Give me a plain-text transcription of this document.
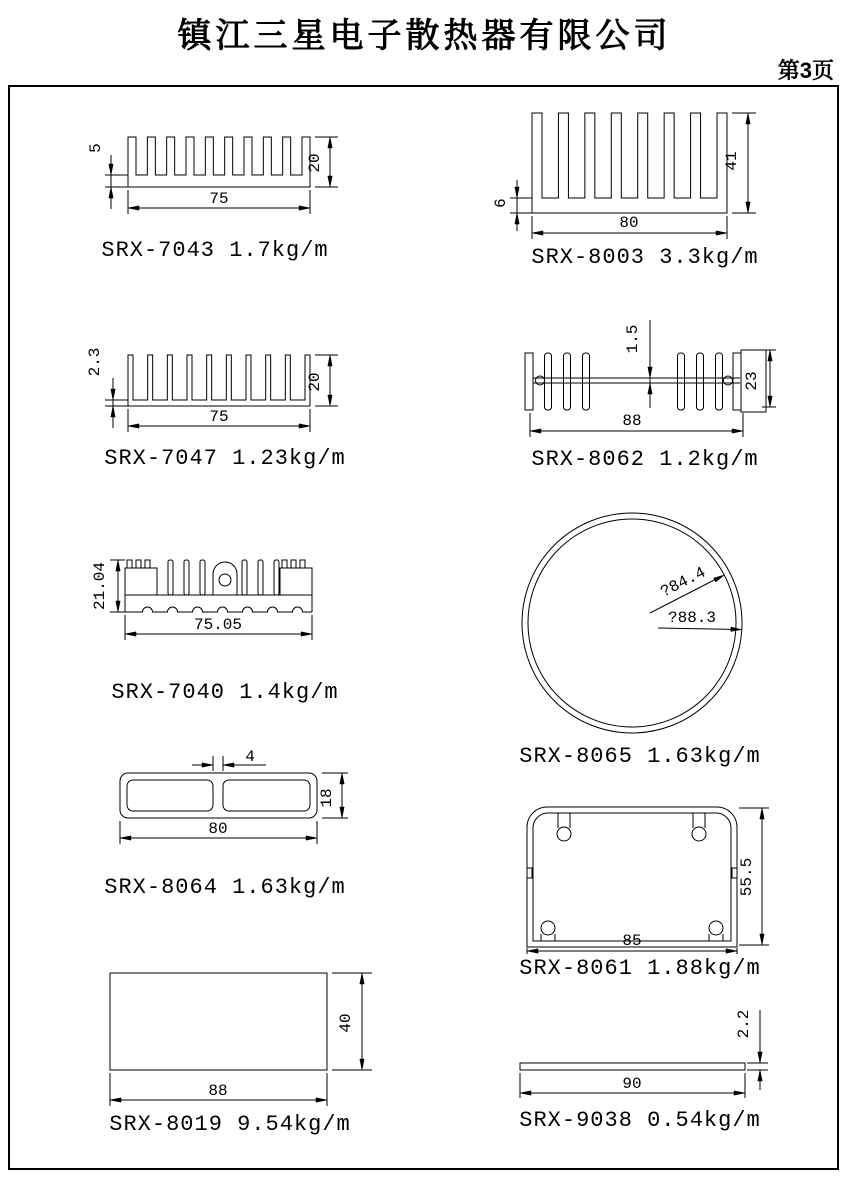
镇江三星电子散热器有限公司
第3页
5
20
75
SRX-7043 1.7kg/m
6
41
80
SRX-8003 3.3kg/m
2.3
20
75
SRX-7047 1.23kg/m
1.5
23
88
SRX-8062 1.2kg/m
21.04
75.05
SRX-7040 1.4kg/m
?84.4
?88.3
SRX-8065 1.63kg/m
4
18
80
SRX-8064 1.63kg/m	55.5
85
SRX-8061 1.88kg/m
40
88
SRX-8019 9.54kg/m
2.2
90
SRX-9038 0.54kg/m
